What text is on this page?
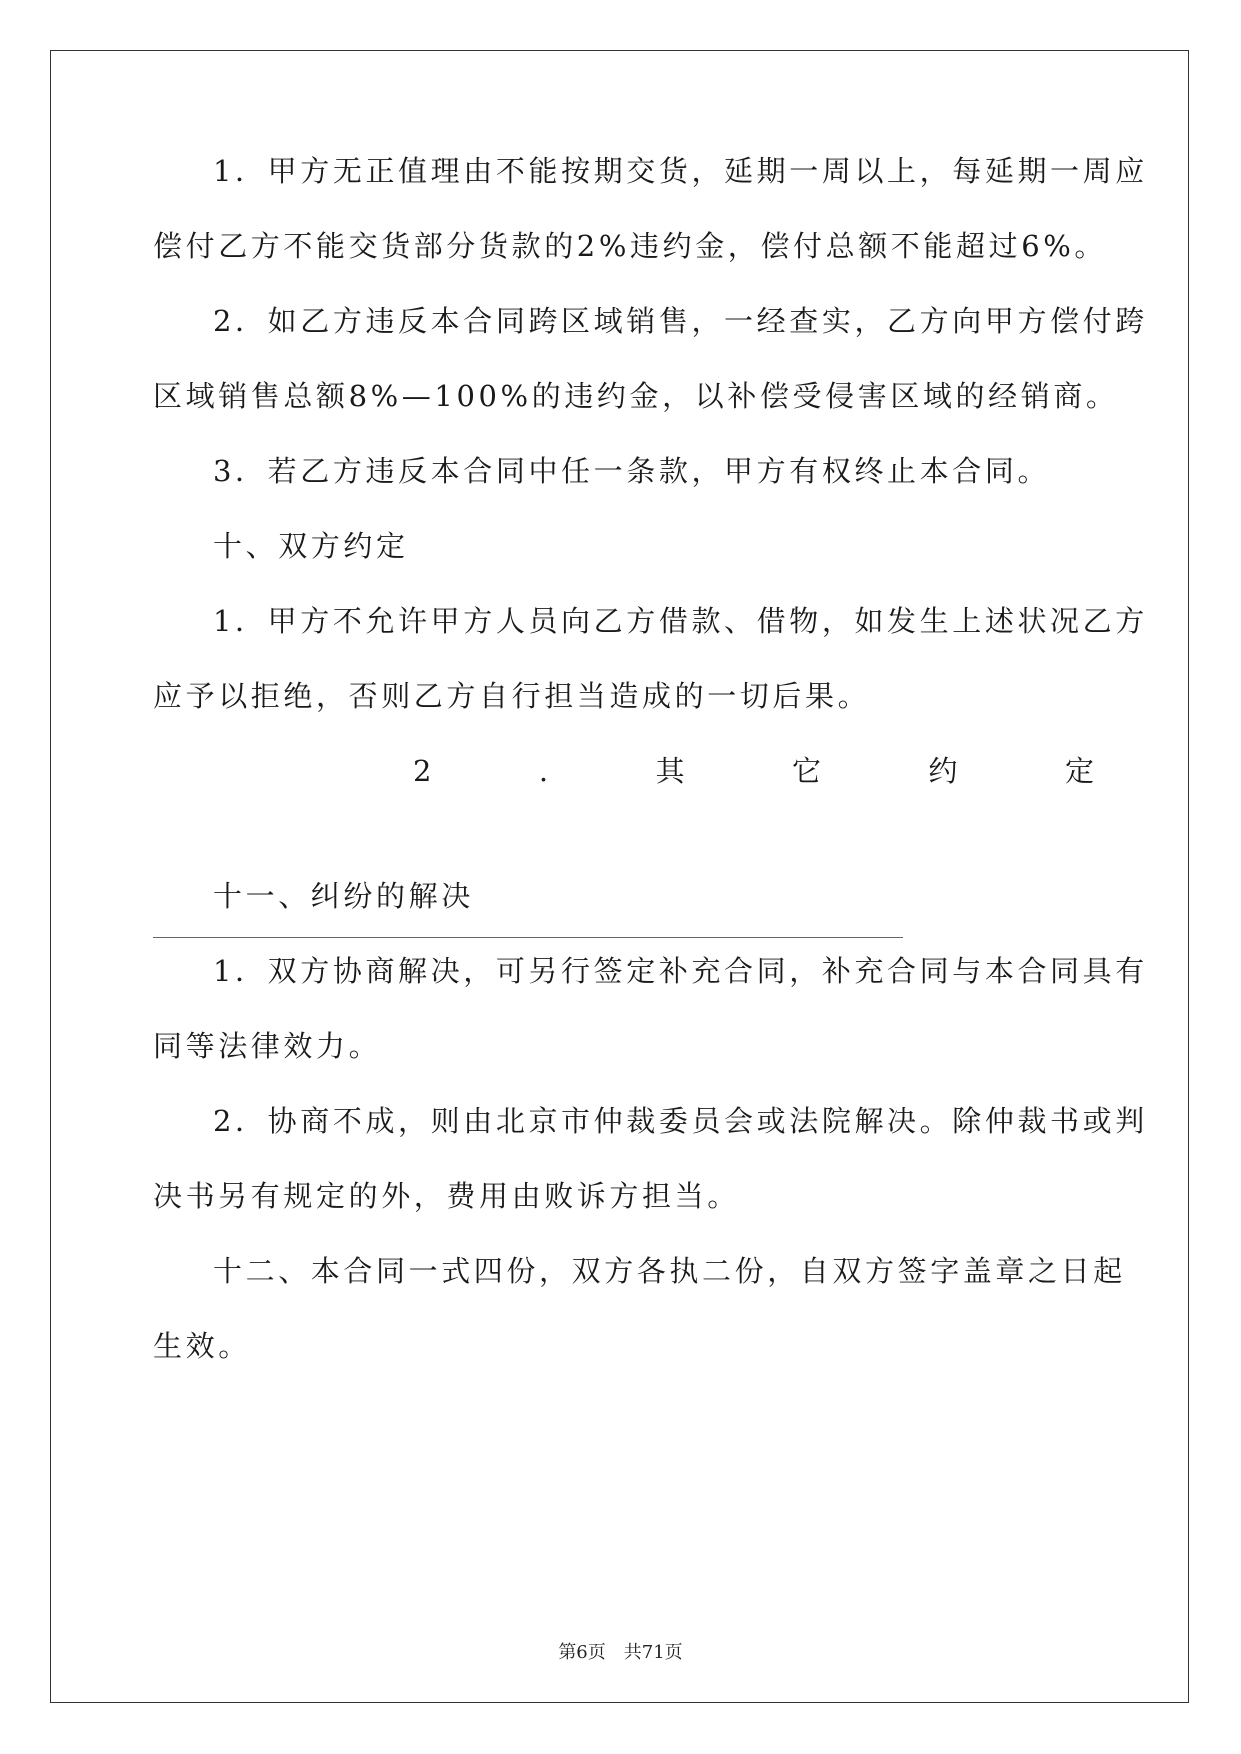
1．甲方无正值理由不能按期交货，延期一周以上，每延期一周应
偿付乙方不能交货部分货款的2%违约金，偿付总额不能超过6%。
2．如乙方违反本合同跨区域销售，一经查实，乙方向甲方偿付跨
区域销售总额8%—100%的违约金，以补偿受侵害区域的经销商。
3．若乙方违反本合同中任一条款，甲方有权终止本合同。
十、双方约定
1．甲方不允许甲方人员向乙方借款、借物，如发生上述状况乙方
应予以拒绝，否则乙方自行担当造成的一切后果。
2	.	其	它	约	定
十一、纠纷的解决
1．双方协商解决，可另行签定补充合同，补充合同与本合同具有
同等法律效力。
2．协商不成，则由北京市仲裁委员会或法院解决。除仲裁书或判
决书另有规定的外，费用由败诉方担当。
十二、本合同一式四份，双方各执二份，自双方签字盖章之日起
生效。
第6页　共71页
